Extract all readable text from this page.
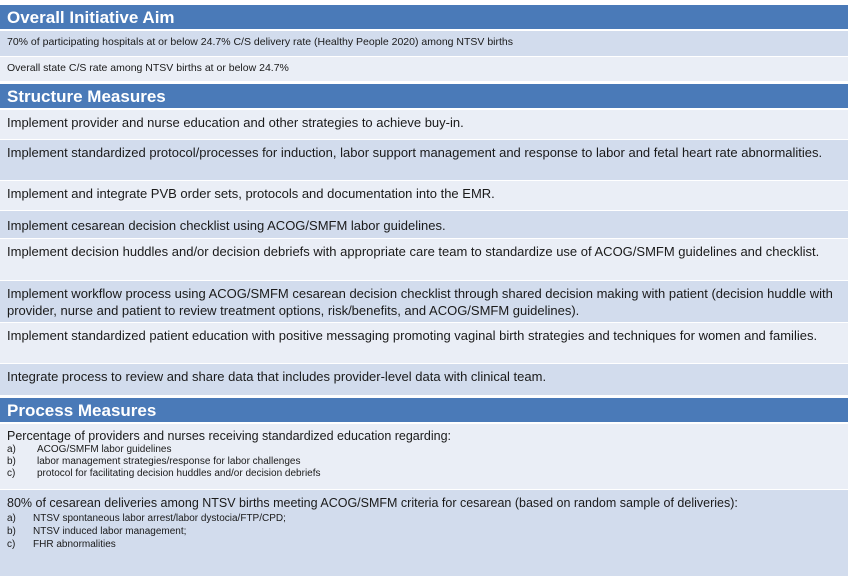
Overall Initiative Aim
70% of participating hospitals at or below 24.7% C/S delivery rate (Healthy People 2020) among NTSV births
Overall state C/S rate among NTSV births at or below 24.7%
Structure Measures
Implement provider and nurse education and other strategies to achieve buy-in.
Implement standardized protocol/processes for induction, labor support management and response to labor and fetal heart rate abnormalities.
Implement and integrate PVB order sets, protocols and documentation into the EMR.
Implement cesarean decision checklist using ACOG/SMFM labor guidelines.
Implement decision huddles and/or decision debriefs with appropriate care team to standardize use of ACOG/SMFM guidelines and checklist.
Implement workflow process using ACOG/SMFM cesarean decision checklist through shared decision making with patient (decision huddle with provider, nurse and patient to review treatment options, risk/benefits, and ACOG/SMFM guidelines).
Implement standardized patient education with positive messaging promoting vaginal birth strategies and techniques for women and families.
Integrate process to review and share data that includes provider-level data with clinical team.
Process Measures
Percentage of providers and nurses receiving standardized education regarding:
a)	ACOG/SMFM labor guidelines
b)	labor management strategies/response for labor challenges
c)	protocol for facilitating decision huddles and/or decision debriefs
80% of cesarean deliveries among NTSV births meeting ACOG/SMFM criteria for cesarean (based on random sample of deliveries):
a)	NTSV spontaneous labor arrest/labor dystocia/FTP/CPD;
b)	NTSV induced labor management;
c)	FHR abnormalities
